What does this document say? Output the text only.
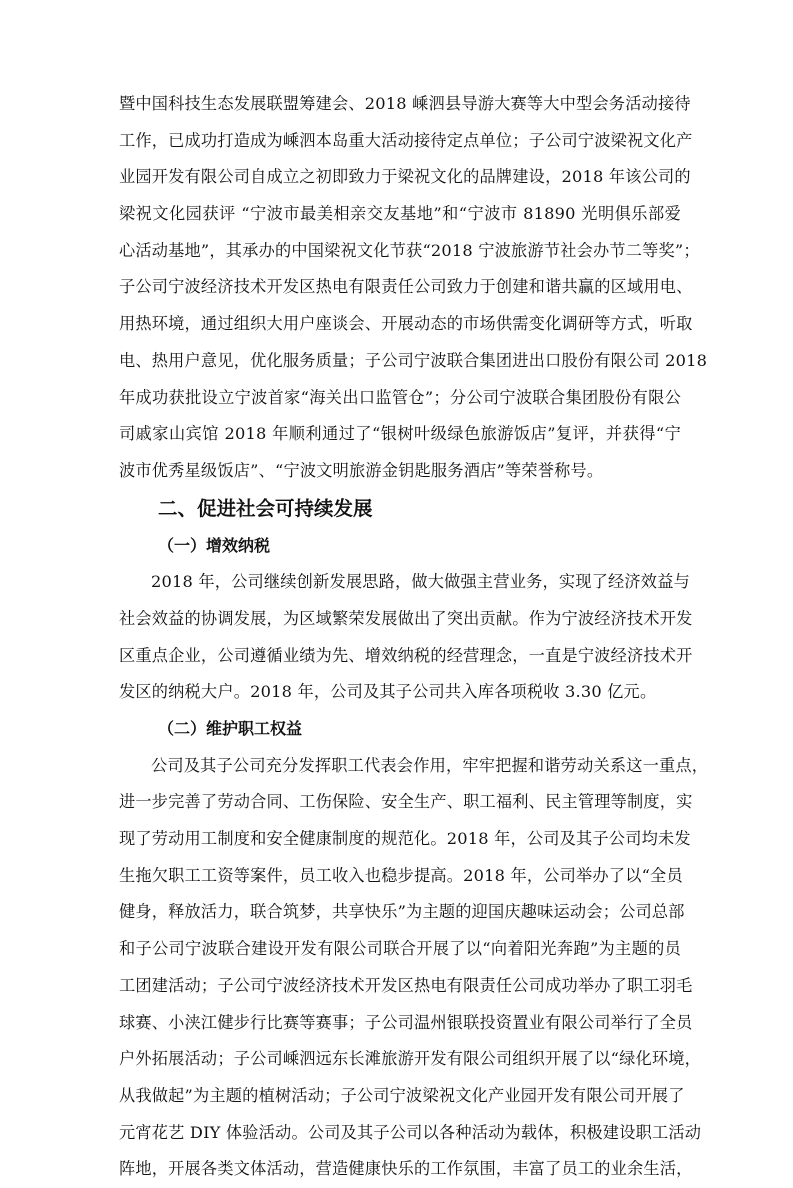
暨中国科技生态发展联盟筹建会、2018 嵊泗县导游大赛等大中型会务活动接待
工作，已成功打造成为嵊泗本岛重大活动接待定点单位；子公司宁波梁祝文化产
业园开发有限公司自成立之初即致力于梁祝文化的品牌建设，2018 年该公司的
梁祝文化园获评 “宁波市最美相亲交友基地”和“宁波市 81890 光明俱乐部爱
心活动基地”，其承办的中国梁祝文化节获“2018 宁波旅游节社会办节二等奖”；
子公司宁波经济技术开发区热电有限责任公司致力于创建和谐共赢的区域用电、
用热环境，通过组织大用户座谈会、开展动态的市场供需变化调研等方式，听取
电、热用户意见，优化服务质量；子公司宁波联合集团进出口股份有限公司 2018
年成功获批设立宁波首家“海关出口监管仓”；分公司宁波联合集团股份有限公
司戚家山宾馆 2018 年顺利通过了“银树叶级绿色旅游饭店”复评，并获得“宁
波市优秀星级饭店”、“宁波文明旅游金钥匙服务酒店”等荣誉称号。
二、促进社会可持续发展
（一）增效纳税
2018 年，公司继续创新发展思路，做大做强主营业务，实现了经济效益与
社会效益的协调发展，为区域繁荣发展做出了突出贡献。作为宁波经济技术开发
区重点企业，公司遵循业绩为先、增效纳税的经营理念，一直是宁波经济技术开
发区的纳税大户。2018 年，公司及其子公司共入库各项税收 3.30 亿元。
（二）维护职工权益
公司及其子公司充分发挥职工代表会作用，牢牢把握和谐劳动关系这一重点，
进一步完善了劳动合同、工伤保险、安全生产、职工福利、民主管理等制度，实
现了劳动用工制度和安全健康制度的规范化。2018 年，公司及其子公司均未发
生拖欠职工工资等案件，员工收入也稳步提高。2018 年，公司举办了以“全员
健身，释放活力，联合筑梦，共享快乐”为主题的迎国庆趣味运动会；公司总部
和子公司宁波联合建设开发有限公司联合开展了以“向着阳光奔跑”为主题的员
工团建活动；子公司宁波经济技术开发区热电有限责任公司成功举办了职工羽毛
球赛、小浃江健步行比赛等赛事；子公司温州银联投资置业有限公司举行了全员
户外拓展活动；子公司嵊泗远东长滩旅游开发有限公司组织开展了以“绿化环境，
从我做起”为主题的植树活动；子公司宁波梁祝文化产业园开发有限公司开展了
元宵花艺 DIY 体验活动。公司及其子公司以各种活动为载体，积极建设职工活动
阵地，开展各类文体活动，营造健康快乐的工作氛围，丰富了员工的业余生活，
